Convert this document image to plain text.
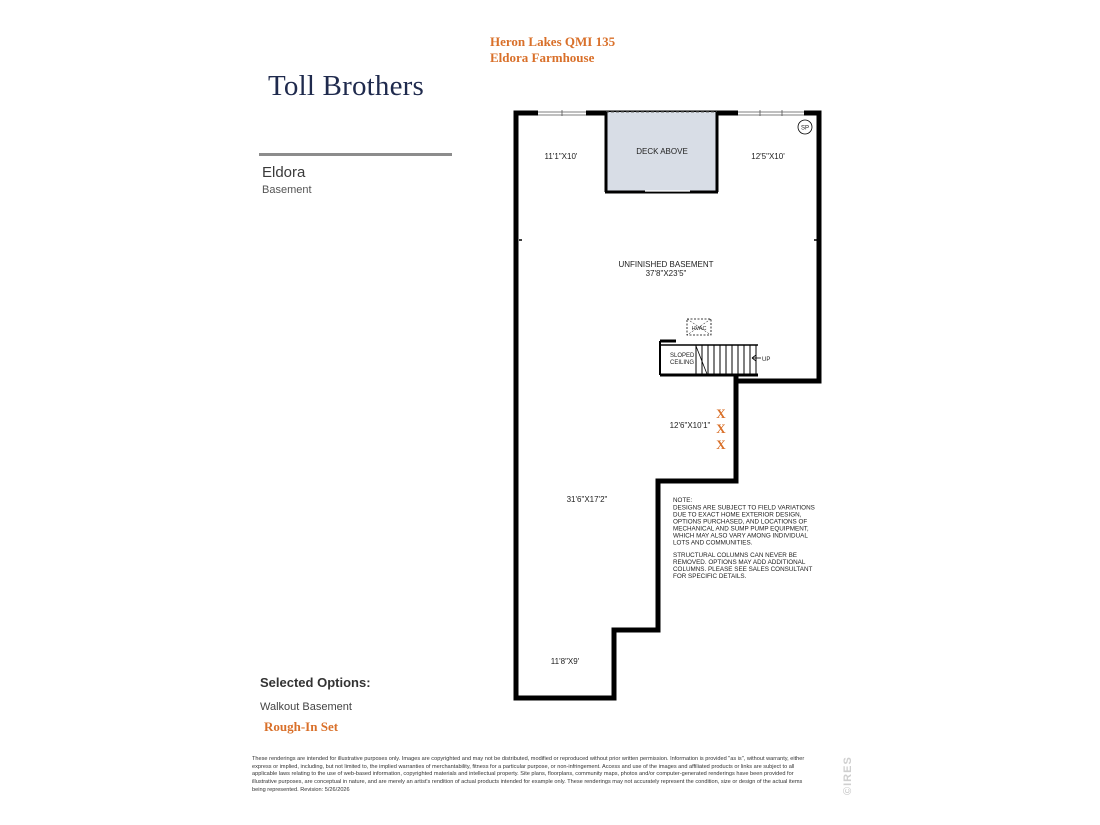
Heron Lakes QMI 135
Eldora Farmhouse
Toll Brothers
Eldora
Basement
HVAC
SP
11'1"X10'
DECK ABOVE
12'5"X10'
UNFINISHED BASEMENT
37'8"X23'5"
SLOPED
CEILING	UP
12'6"X10'1"
31'6"X17'2"
11'8"X9'
X
X
X
NOTE:
DESIGNS ARE SUBJECT TO FIELD VARIATIONS
DUE TO EXACT HOME EXTERIOR DESIGN,
OPTIONS PURCHASED, AND LOCATIONS OF
MECHANICAL AND SUMP PUMP EQUIPMENT,
WHICH MAY ALSO VARY AMONG INDIVIDUAL
LOTS AND COMMUNITIES.
STRUCTURAL COLUMNS CAN NEVER BE
REMOVED. OPTIONS MAY ADD ADDITIONAL
COLUMNS. PLEASE SEE SALES CONSULTANT
FOR SPECIFIC DETAILS.
Selected Options:
Walkout Basement
Rough-In Set
These renderings are intended for illustrative purposes only. Images are copyrighted and may not be distributed, modified or reproduced without prior written permission. Information is provided "as is", without warranty, either express or implied, including, but not limited to, the implied warranties of merchantability, fitness for a particular purpose, or non-infringement. Access and use of the images and affiliated products or links are subject to all applicable laws relating to the use of web-based information, copyrighted materials and intellectual property. Site plans, floorplans, community maps, photos and/or computer-generated renderings have been provided for illustrative purposes, are conceptual in nature, and are merely an artist's rendition of actual products intended for example only. These renderings may not accurately represent the condition, size or design of the actual items being represented. Revision: 5/26/2026	©IRES
